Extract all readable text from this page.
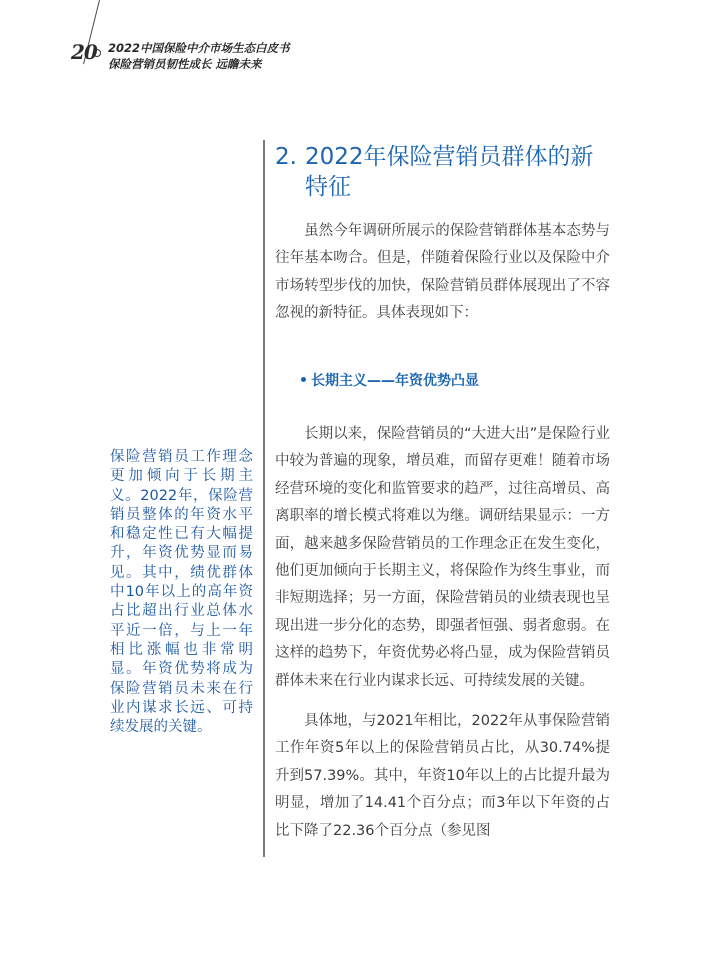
20 2022中国保险中介市场生态白皮书
保险营销员韧性成长 远瞻未来
2. 2022年保险营销员群体的新
特征

虽然今年调研所展示的保险营销群体基本态势与往年基本吻合。但是，伴随着保险行业以及保险中介市场转型步伐的加快，保险营销员群体展现出了不容忽视的新特征。具体表现如下：

长期主义——年资优势凸显

长期以来，保险营销员的“大进大出”是保险行业中较为普遍的现象，增员难，而留存更难！随着市场经营环境的变化和监管要求的趋严，过往高增员、高离职率的增长模式将难以为继。调研结果显示：一方面，越来越多保险营销员的工作理念正在发生变化，他们更加倾向于长期主义，将保险作为终生事业，而非短期选择；另一方面，保险营销员的业绩表现也呈现出进一步分化的态势，即强者恒强、弱者愈弱。在这样的趋势下，年资优势必将凸显，成为保险营销员群体未来在行业内谋求长远、可持续发展的关键。

具体地，与2021年相比，2022年从事保险营销工作年资5年以上的保险营销员占比，从30.74%提升到57.39%。其中，年资10年以上的占比提升最为明显，增加了14.41个百分点；而3年以下年资的占比下降了22.36个百分点（参见图

保险营销员工作理念更加倾向于长期主义。2022年，保险营销员整体的年资水平和稳定性已有大幅提升，年资优势显而易见。其中，绩优群体中10年以上的高年资占比超出行业总体水平近一倍，与上一年相比涨幅也非常明显。年资优势将成为保险营销员未来在行业内谋求长远、可持续发展的关键。
